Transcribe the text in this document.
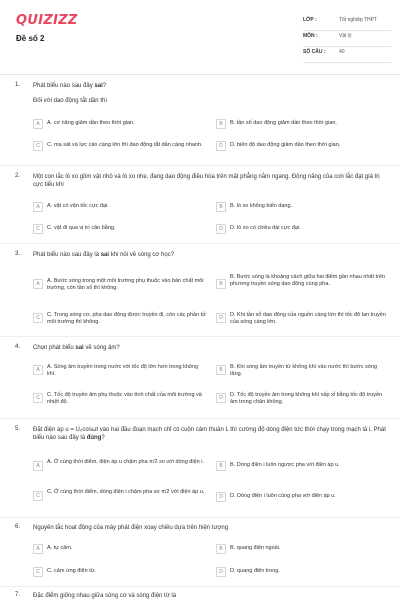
QUIZIZZ
Đề số 2
LỚP :	Tốt nghiệp THPT
MÔN :	Vật lý
SỐ CÂU :	40
1. Phát biểu nào sau đây sai?
Đối với dao động tắt dần thì
A	A. cơ năng giảm dần theo thời gian.	B	B. tần số dao động giảm dần theo thời gian.
C	C. ma sát và lực cản càng lớn thì dao động tắt dần càng nhanh.	D	D. biên độ dao động giảm dần theo thời gian.
2. Một con lắc lò xo gồm vật nhỏ và lò xo nhẹ, đang dao động điều hòa trên mặt phẳng nằm ngang. Động năng của con lắc đạt giá trị cực tiểu khi
A	A. vật có vận tốc cực đại.	B	B. lò xo không biến dạng.
C	C. vật đi qua vị trí cân bằng.	D	D. lò xo có chiều dài cực đại.
3. Phát biểu nào sau đây là sai khi nói về sóng cơ học?
A	A. Bước sóng trong một môi trường phụ thuộc vào bản chất môi trường, còn tần số thì không.
B
B. Bước sóng là khoảng cách giữa hai điểm gần nhau nhất trên phương truyền sóng dao động cùng pha.
C	C. Trong sóng cơ, pha dao động được truyền đi, còn các phần tử môi trường thì không.
D	D. Khi tần số dao động của nguồn càng lớn thì tốc độ lan truyền của sóng càng lớn.
4. Chọn phát biểu sai về sóng âm?
A	A. Sóng âm truyền trong nước với tốc độ lớn hơn trong không khí.
B	B. Khi sóng âm truyền từ không khí vào nước thì bước sóng tăng.
C	C. Tốc độ truyền âm phụ thuộc vào tính chất của môi trường và nhiệt độ.
D	D. Tốc độ truyền âm trong không khí xấp xỉ bằng tốc độ truyền âm trong chân không.
5. Đặt điện áp u = U₀cosωt vào hai đầu đoạn mạch chỉ có cuộn cảm thuần L thì cường độ dòng điện tức thời chạy trong mạch là i. Phát biểu nào sau đây là đúng?
A
A. Ở cùng thời điểm, điện áp u chậm pha π/2 so với dòng điện i.
B	B. Dòng điện i luôn ngược pha với điện áp u.
C
C. Ở cùng thời điểm, dòng điện i chậm pha so π/2 với điện áp u.
D	D. Dòng điện i luôn cùng pha với điện áp u.
6. Nguyên tắc hoạt động của máy phát điện xoay chiều dựa trên hiện tượng
A	A. tự cảm.	B	B. quang điện ngoài.
C	C. cảm ứng điện từ.	D	D. quang điện trong.
7. Đặc điểm giống nhau giữa sóng cơ và sóng điện từ là
